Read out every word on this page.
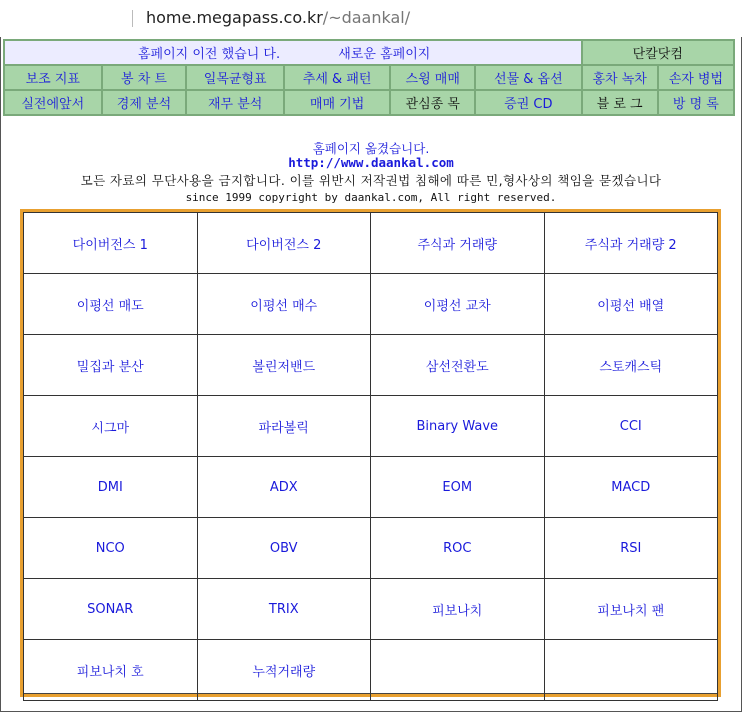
home.megapass.co.kr/~daankal/
홈페이지 이전 했습니 다. 새로운 홈페이지						단칼닷컴	
보조 지표	봉 차 트	일목균형표	추세 & 패턴	스윙 매매	선물 & 옵션	홍차 녹차	손자 병법
실전에앞서	경제 분석	재무 분석	매매 기법	관심종 목	증권 CD	블 로 그	방 명 록
홈페이지 옮겼습니다.
http://www.daankal.com
모든 자료의 무단사용을 금지합니다. 이를 위반시 저작권법 침해에 따른 민,형사상의 책임을 묻겠습니다
since 1999 copyright by daankal.com, All right reserved.
다이버전스 1	다이버전스 2	주식과 거래량	주식과 거래량 2
이평선 매도	이평선 매수	이평선 교차	이평선 배열
밀집과 분산	볼린저밴드	삼선전환도	스토캐스틱
시그마	파라볼릭	Binary Wave	CCI
DMI	ADX	EOM	MACD
NCO	OBV	ROC	RSI
SONAR	TRIX	피보나치	피보나치 팬
피보나치 호	누적거래량		
